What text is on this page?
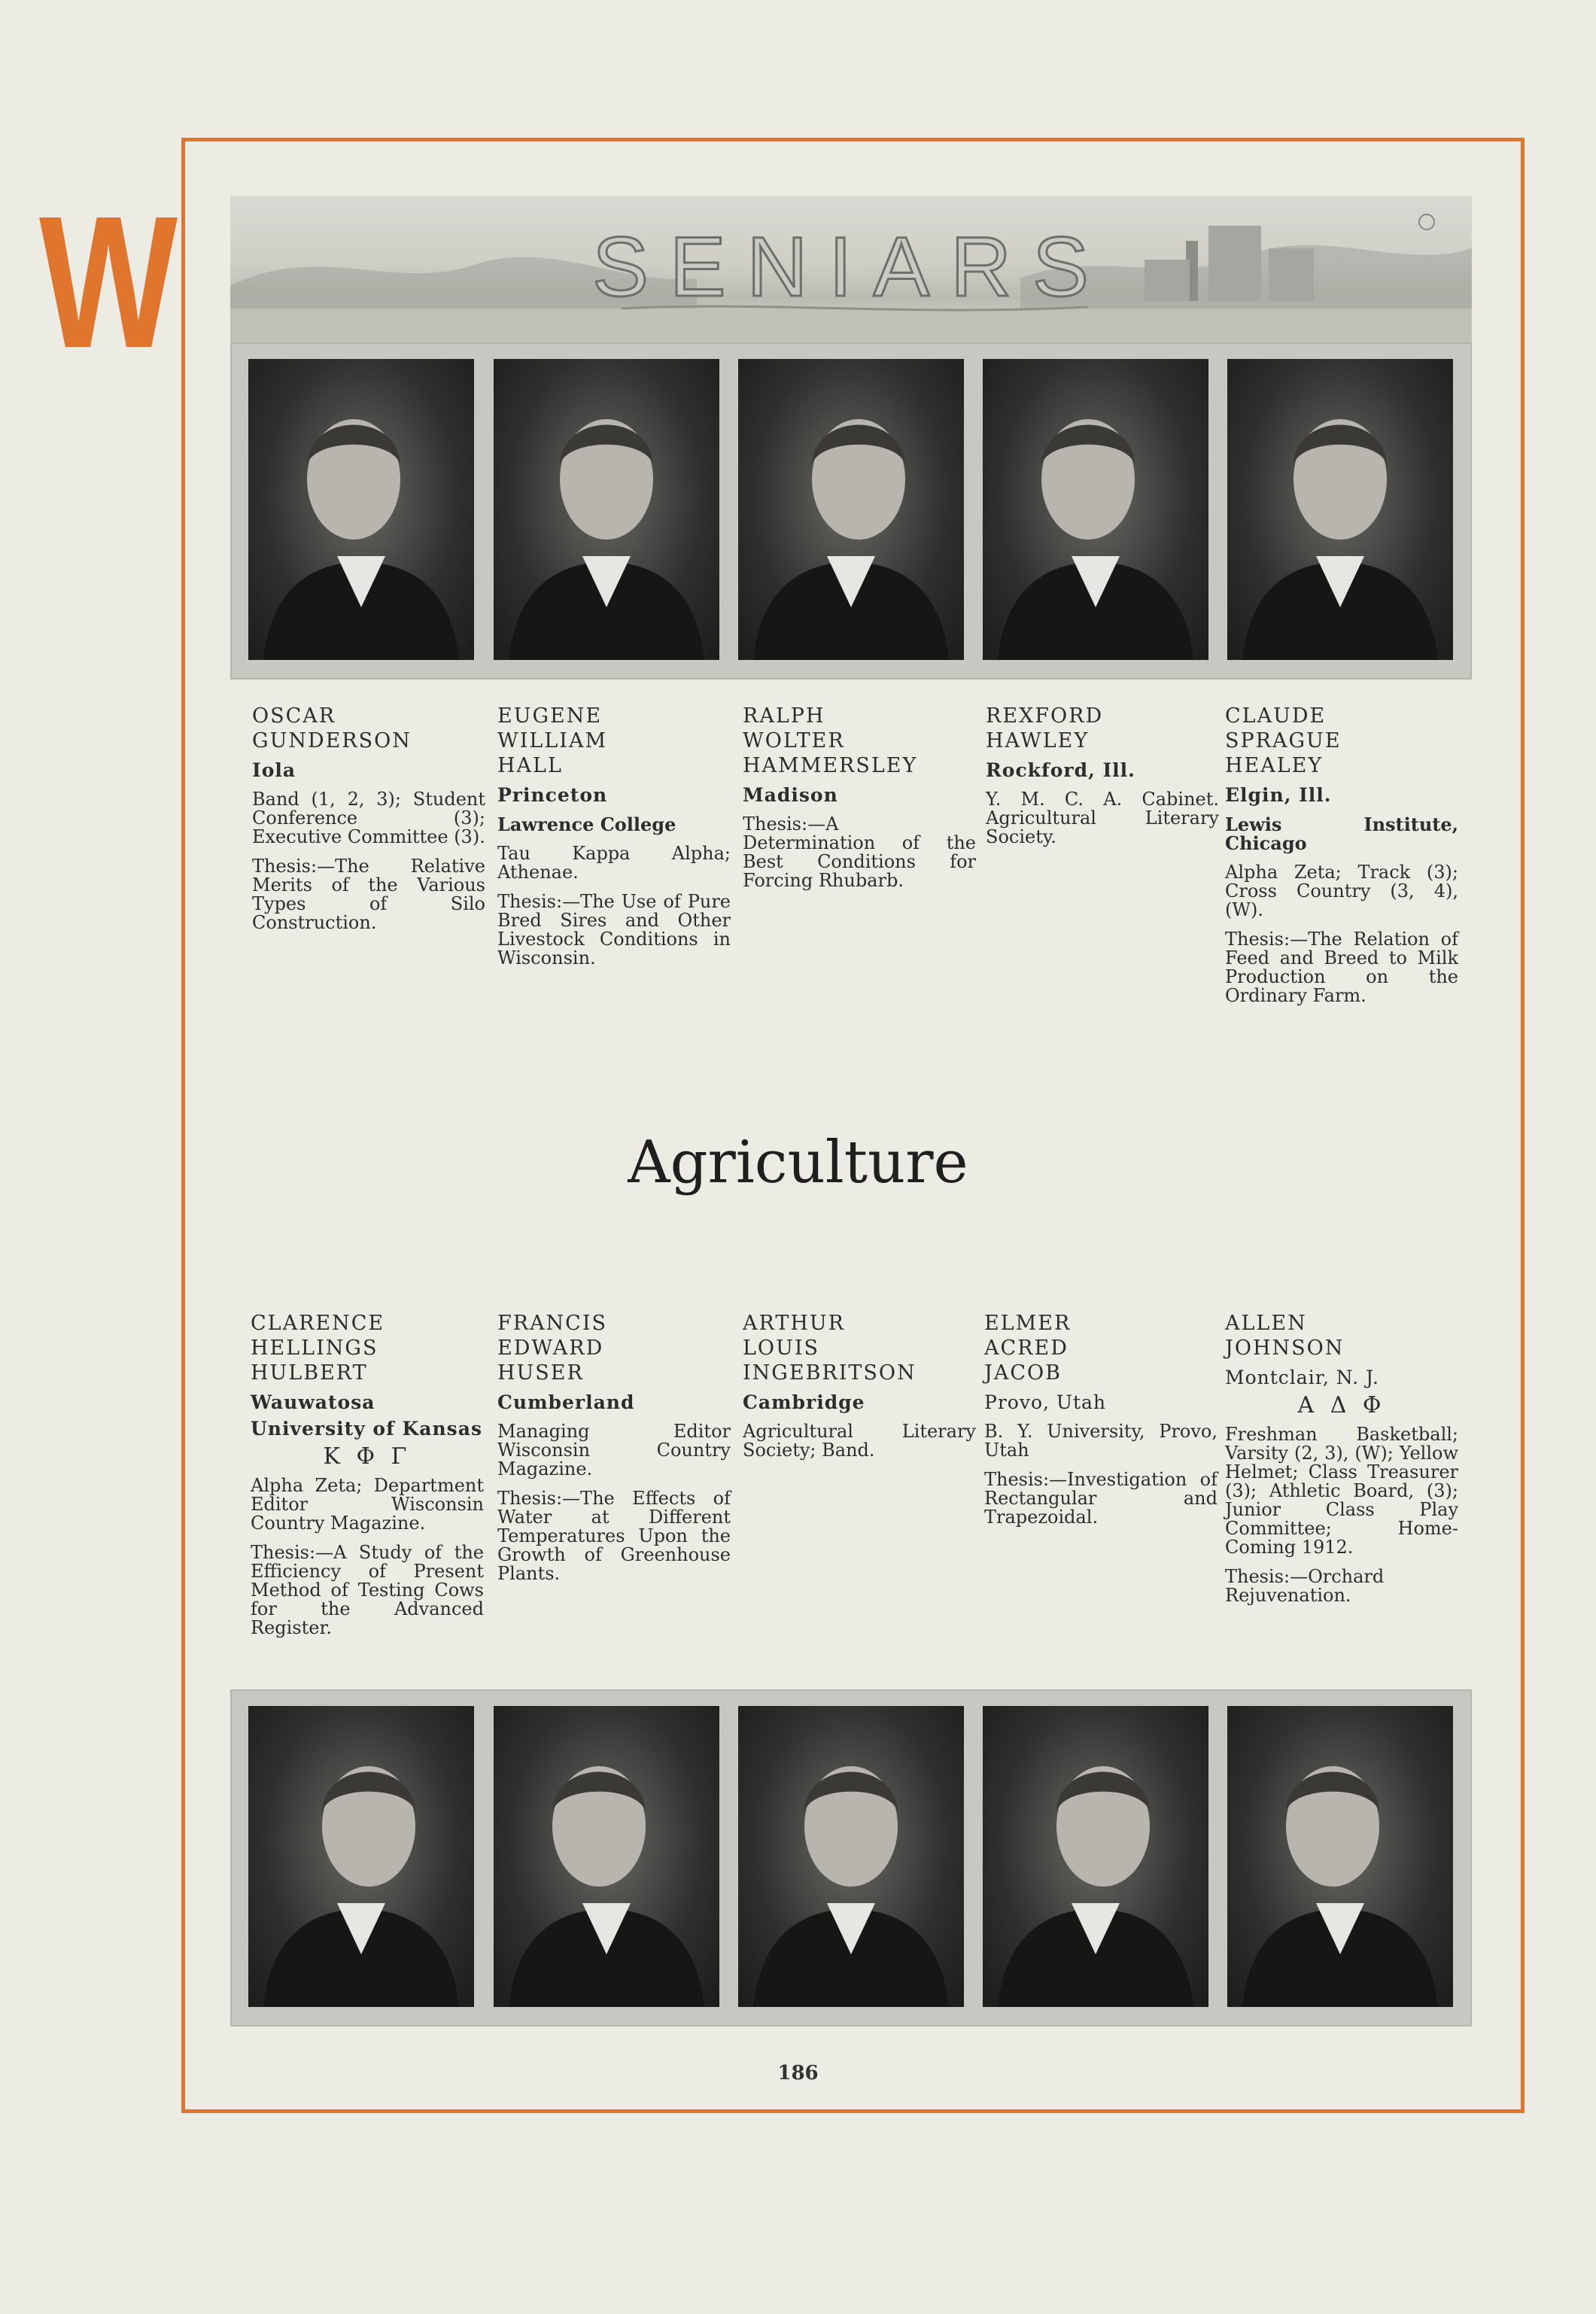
W	SENIARS
OSCAR
GUNDERSON
Iola
Band (1, 2, 3); Student Conference (3); Executive Committee (3).
Thesis:—The Relative Merits of the Various Types of Silo Construction.
EUGENE
WILLIAM
HALL
Princeton
Lawrence College
Tau Kappa Alpha; Athenae.
Thesis:—The Use of Pure Bred Sires and Other Livestock Conditions in Wisconsin.
RALPH
WOLTER
HAMMERSLEY
Madison
Thesis:—A Determination of the Best Conditions for Forcing Rhubarb.
REXFORD
HAWLEY
Rockford, Ill.
Y. M. C. A. Cabinet. Agricultural Literary Society.
CLAUDE
SPRAGUE
HEALEY
Elgin, Ill.
Lewis Institute, Chicago
Alpha Zeta; Track (3); Cross Country (3, 4), (W).
Thesis:—The Relation of Feed and Breed to Milk Production on the Ordinary Farm.
Agriculture
CLARENCE
HELLINGS
HULBERT
Wauwatosa
University of Kansas
Κ Φ Γ
Alpha Zeta; Department Editor Wisconsin Country Magazine.
Thesis:—A Study of the Efficiency of Present Method of Testing Cows for the Advanced Register.
FRANCIS
EDWARD
HUSER
Cumberland
Managing Editor Wisconsin Country Magazine.
Thesis:—The Effects of Water at Different Temperatures Upon the Growth of Greenhouse Plants.
ARTHUR
LOUIS
INGEBRITSON
Cambridge
Agricultural Literary Society; Band.
ELMER
ACRED
JACOB
Provo, Utah
B. Y. University, Provo, Utah
Thesis:—Investigation of Rectangular and Trapezoidal.
ALLEN
JOHNSON
Montclair, N. J.
Α Δ Φ
Freshman Basketball; Varsity (2, 3), (W); Yellow Helmet; Class Treasurer (3); Athletic Board, (3); Junior Class Play Committee; Home-Coming 1912.
Thesis:—Orchard Rejuvenation.
186
